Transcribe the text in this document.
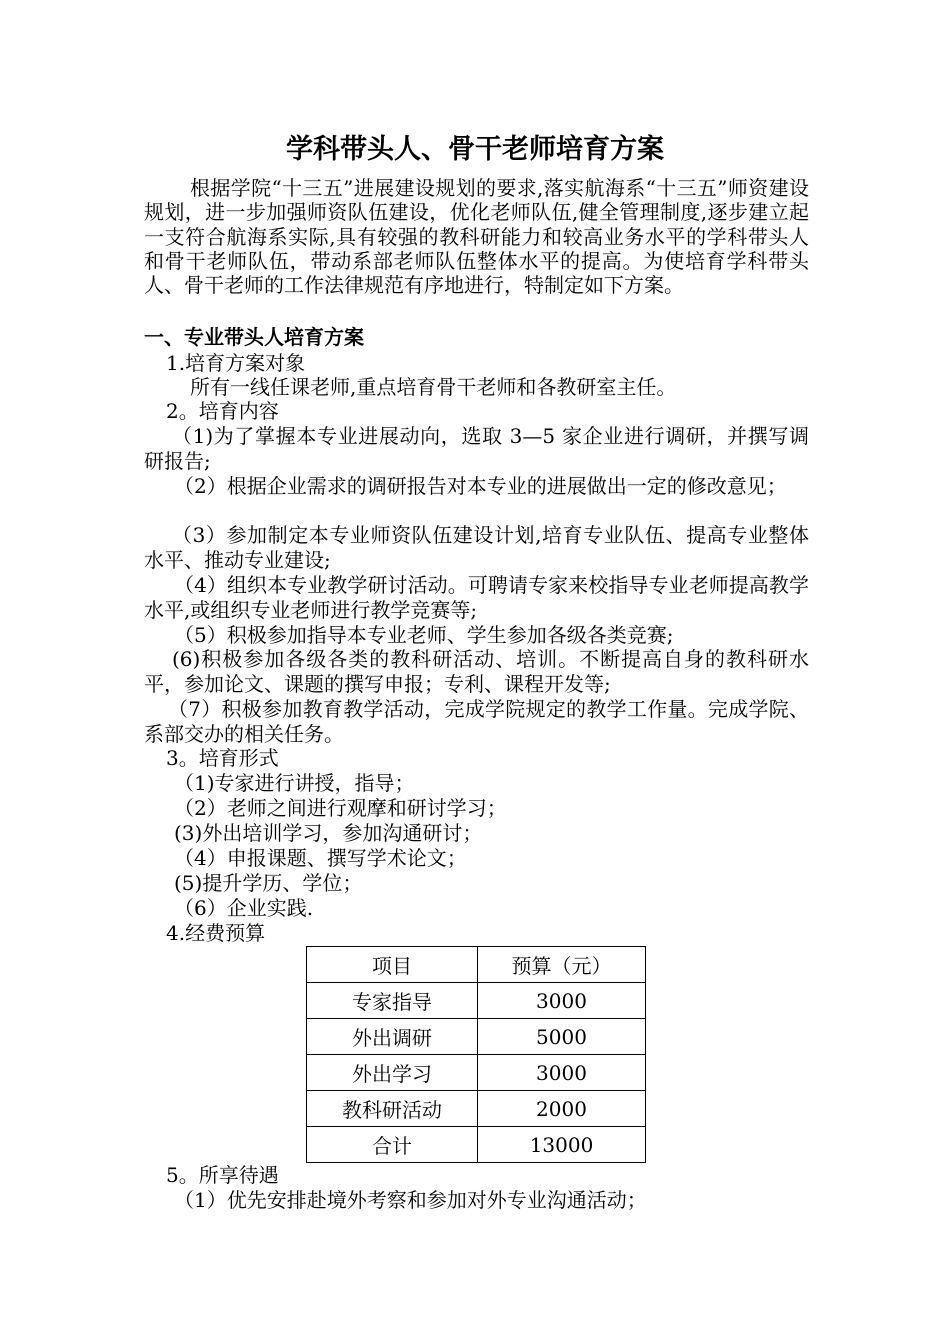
学科带头人、骨干老师培育方案

根据学院“十三五”进展建设规划的要求,落实航海系“十三五”师资建设规划，进一步加强师资队伍建设，优化老师队伍,健全管理制度,逐步建立起一支符合航海系实际,具有较强的教科研能力和较高业务水平的学科带头人和骨干老师队伍，带动系部老师队伍整体水平的提高。为使培育学科带头人、骨干老师的工作法律规范有序地进行，特制定如下方案。

一、专业带头人培育方案
1.培育方案对象
所有一线任课老师,重点培育骨干老师和各教研室主任。
2。培育内容

（1)为了掌握本专业进展动向，选取 3—5 家企业进行调研，并撰写调研报告;

（2）根据企业需求的调研报告对本专业的进展做出一定的修改意见；

（3）参加制定本专业师资队伍建设计划,培育专业队伍、提高专业整体水平、推动专业建设;

（4）组织本专业教学研讨活动。可聘请专家来校指导专业老师提高教学水平,或组织专业老师进行教学竞赛等;

（5）积极参加指导本专业老师、学生参加各级各类竞赛;

(6)积极参加各级各类的教科研活动、培训。不断提高自身的教科研水平，参加论文、课题的撰写申报；专利、课程开发等;

（7）积极参加教育教学活动，完成学院规定的教学工作量。完成学院、系部交办的相关任务。

3。培育形式
（1)专家进行讲授，指导；
（2）老师之间进行观摩和研讨学习；
(3)外出培训学习，参加沟通研讨；
（4）申报课题、撰写学术论文；
(5)提升学历、学位；
（6）企业实践.
4.经费预算
项目	预算（元）
专家指导	3000
外出调研	5000
外出学习	3000
教科研活动	2000
合计	13000
5。所享待遇
（1）优先安排赴境外考察和参加对外专业沟通活动；
